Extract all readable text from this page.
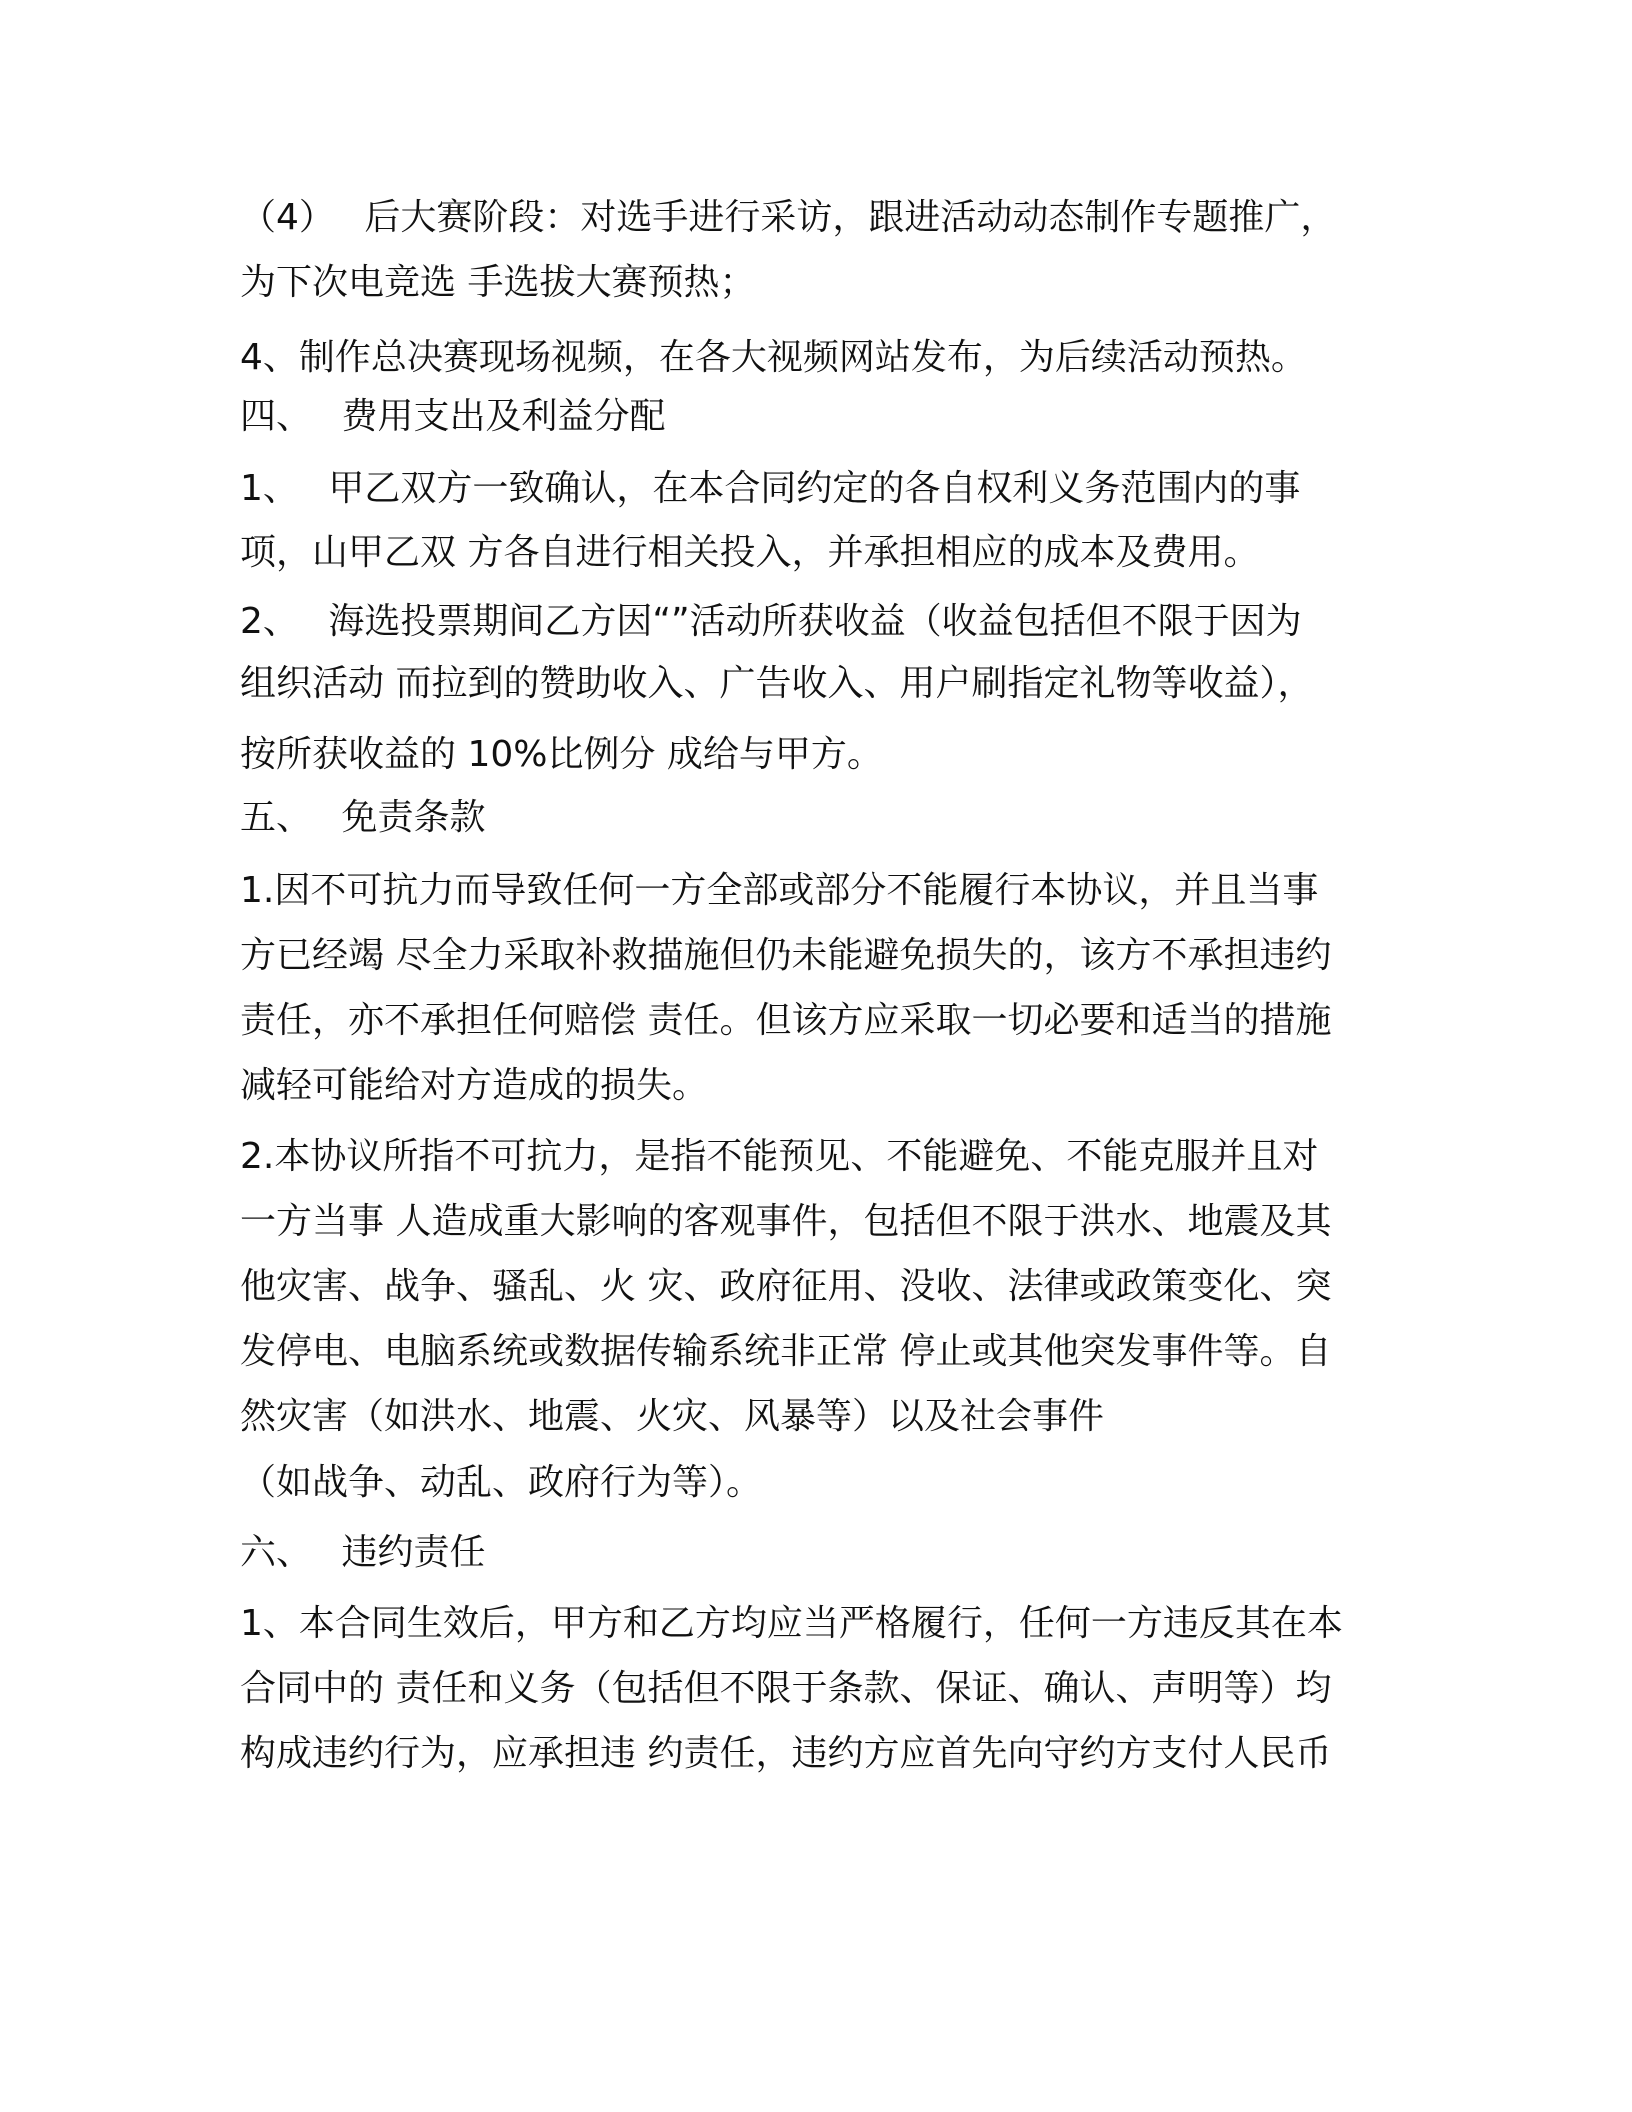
（4）　 后大赛阶段：对选手进行采访，跟进活动动态制作专题推广，
为下次电竞选 手选拔大赛预热；
4、制作总决赛现场视频，在各大视频网站发布，为后续活动预热。
四、　 费用支出及利益分配
1、　 甲乙双方一致确认，在本合同约定的各自权利义务范围内的事
项，山甲乙双 方各自进行相关投入，并承担相应的成本及费用。
2、　 海选投票期间乙方因“”活动所获收益（收益包括但不限于因为
组织活动 而拉到的赞助收入、广告收入、用户刷指定礼物等收益），
按所获收益的 10%比例分 成给与甲方。
五、　 免责条款
1.因不可抗力而导致任何一方全部或部分不能履行本协议，并且当事
方已经竭 尽全力采取补救描施但仍未能避免损失的，该方不承担违约
责任，亦不承担任何赔偿 责任。但该方应采取一切必要和适当的措施
减轻可能给对方造成的损失。
2.本协议所指不可抗力，是指不能预见、不能避免、不能克服并且对
一方当事 人造成重大影响的客观事件，包括但不限于洪水、地震及其
他灾害、战争、骚乱、火 灾、政府征用、没收、法律或政策变化、突
发停电、电脑系统或数据传输系统非正常 停止或其他突发事件等。自
然灾害（如洪水、地震、火灾、风暴等）以及社会事件
（如战争、动乱、政府行为等）。
六、　 违约责任
1、本合同生效后，甲方和乙方均应当严格履行，任何一方违反其在本
合同中的 责任和义务（包括但不限于条款、保证、确认、声明等）均
构成违约行为，应承担违 约责任，违约方应首先向守约方支付人民币
